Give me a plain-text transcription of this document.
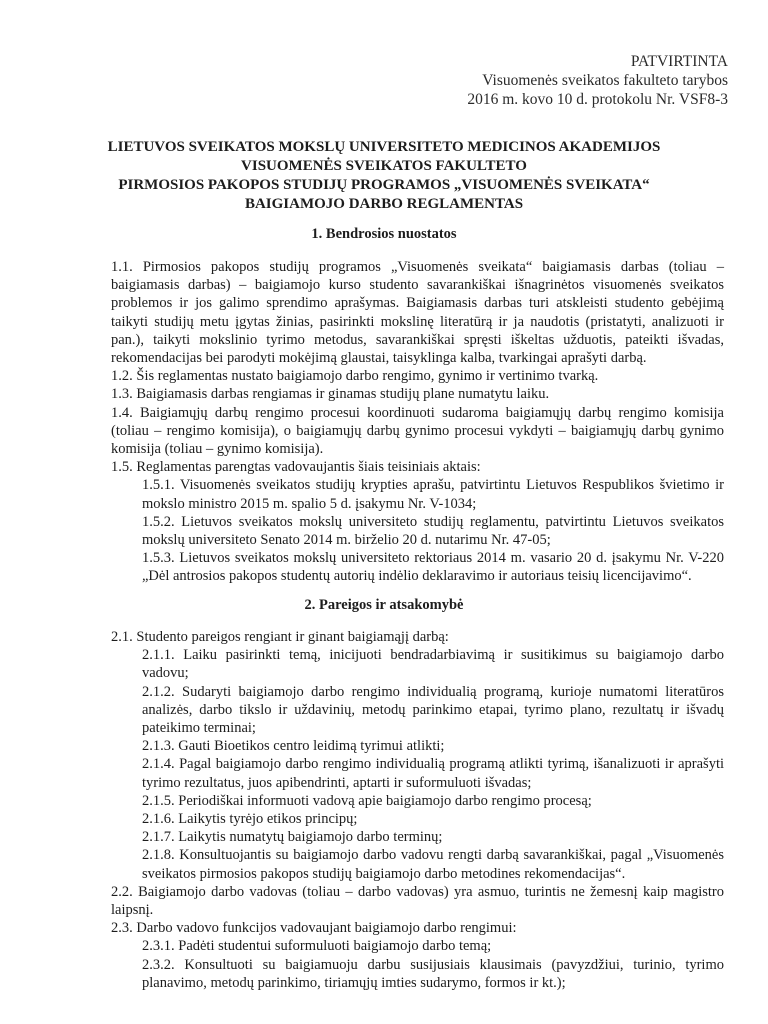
PATVIRTINTA
Visuomenės sveikatos fakulteto tarybos
2016 m. kovo 10 d. protokolu Nr. VSF8-3
LIETUVOS SVEIKATOS MOKSLŲ UNIVERSITETO MEDICINOS AKADEMIJOS
VISUOMENĖS SVEIKATOS FAKULTETO
PIRMOSIOS PAKOPOS STUDIJŲ PROGRAMOS „VISUOMENĖS SVEIKATA“
BAIGIAMOJO DARBO REGLAMENTAS
1. Bendrosios nuostatos

1.1. Pirmosios pakopos studijų programos „Visuomenės sveikata“ baigiamasis darbas (toliau – baigiamasis darbas) – baigiamojo kurso studento savarankiškai išnagrinėtos visuomenės sveikatos problemos ir jos galimo sprendimo aprašymas. Baigiamasis darbas turi atskleisti studento gebėjimą taikyti studijų metu įgytas žinias, pasirinkti mokslinę literatūrą ir ja naudotis (pristatyti, analizuoti ir pan.), taikyti mokslinio tyrimo metodus, savarankiškai spręsti iškeltas užduotis, pateikti išvadas, rekomendacijas bei parodyti mokėjimą glaustai, taisyklinga kalba, tvarkingai aprašyti darbą.

1.2. Šis reglamentas nustato baigiamojo darbo rengimo, gynimo ir vertinimo tvarką.

1.3. Baigiamasis darbas rengiamas ir ginamas studijų plane numatytu laiku.

1.4. Baigiamųjų darbų rengimo procesui koordinuoti sudaroma baigiamųjų darbų rengimo komisija (toliau – rengimo komisija), o baigiamųjų darbų gynimo procesui vykdyti – baigiamųjų darbų gynimo komisija (toliau – gynimo komisija).

1.5. Reglamentas parengtas vadovaujantis šiais teisiniais aktais:

1.5.1. Visuomenės sveikatos studijų krypties aprašu, patvirtintu Lietuvos Respublikos švietimo ir mokslo ministro 2015 m. spalio 5 d. įsakymu Nr. V-1034;

1.5.2. Lietuvos sveikatos mokslų universiteto studijų reglamentu, patvirtintu Lietuvos sveikatos mokslų universiteto Senato 2014 m. birželio 20 d. nutarimu Nr. 47-05;

1.5.3. Lietuvos sveikatos mokslų universiteto rektoriaus 2014 m. vasario 20 d. įsakymu Nr. V-220 „Dėl antrosios pakopos studentų autorių indėlio deklaravimo ir autoriaus teisių licencijavimo“.

2. Pareigos ir atsakomybė

2.1. Studento pareigos rengiant ir ginant baigiamąjį darbą:

2.1.1. Laiku pasirinkti temą, inicijuoti bendradarbiavimą ir susitikimus su baigiamojo darbo vadovu;

2.1.2. Sudaryti baigiamojo darbo rengimo individualią programą, kurioje numatomi literatūros analizės, darbo tikslo ir uždavinių, metodų parinkimo etapai, tyrimo plano, rezultatų ir išvadų pateikimo terminai;

2.1.3. Gauti Bioetikos centro leidimą tyrimui atlikti;

2.1.4. Pagal baigiamojo darbo rengimo individualią programą atlikti tyrimą, išanalizuoti ir aprašyti tyrimo rezultatus, juos apibendrinti, aptarti ir suformuluoti išvadas;

2.1.5. Periodiškai informuoti vadovą apie baigiamojo darbo rengimo procesą;

2.1.6. Laikytis tyrėjo etikos principų;

2.1.7. Laikytis numatytų baigiamojo darbo terminų;

2.1.8. Konsultuojantis su baigiamojo darbo vadovu rengti darbą savarankiškai, pagal „Visuomenės sveikatos pirmosios pakopos studijų baigiamojo darbo metodines rekomendacijas“.

2.2. Baigiamojo darbo vadovas (toliau – darbo vadovas) yra asmuo, turintis ne žemesnį kaip magistro laipsnį.

2.3. Darbo vadovo funkcijos vadovaujant baigiamojo darbo rengimui:

2.3.1. Padėti studentui suformuluoti baigiamojo darbo temą;

2.3.2. Konsultuoti su baigiamuoju darbu susijusiais klausimais (pavyzdžiui, turinio, tyrimo planavimo, metodų parinkimo, tiriamųjų imties sudarymo, formos ir kt.);
